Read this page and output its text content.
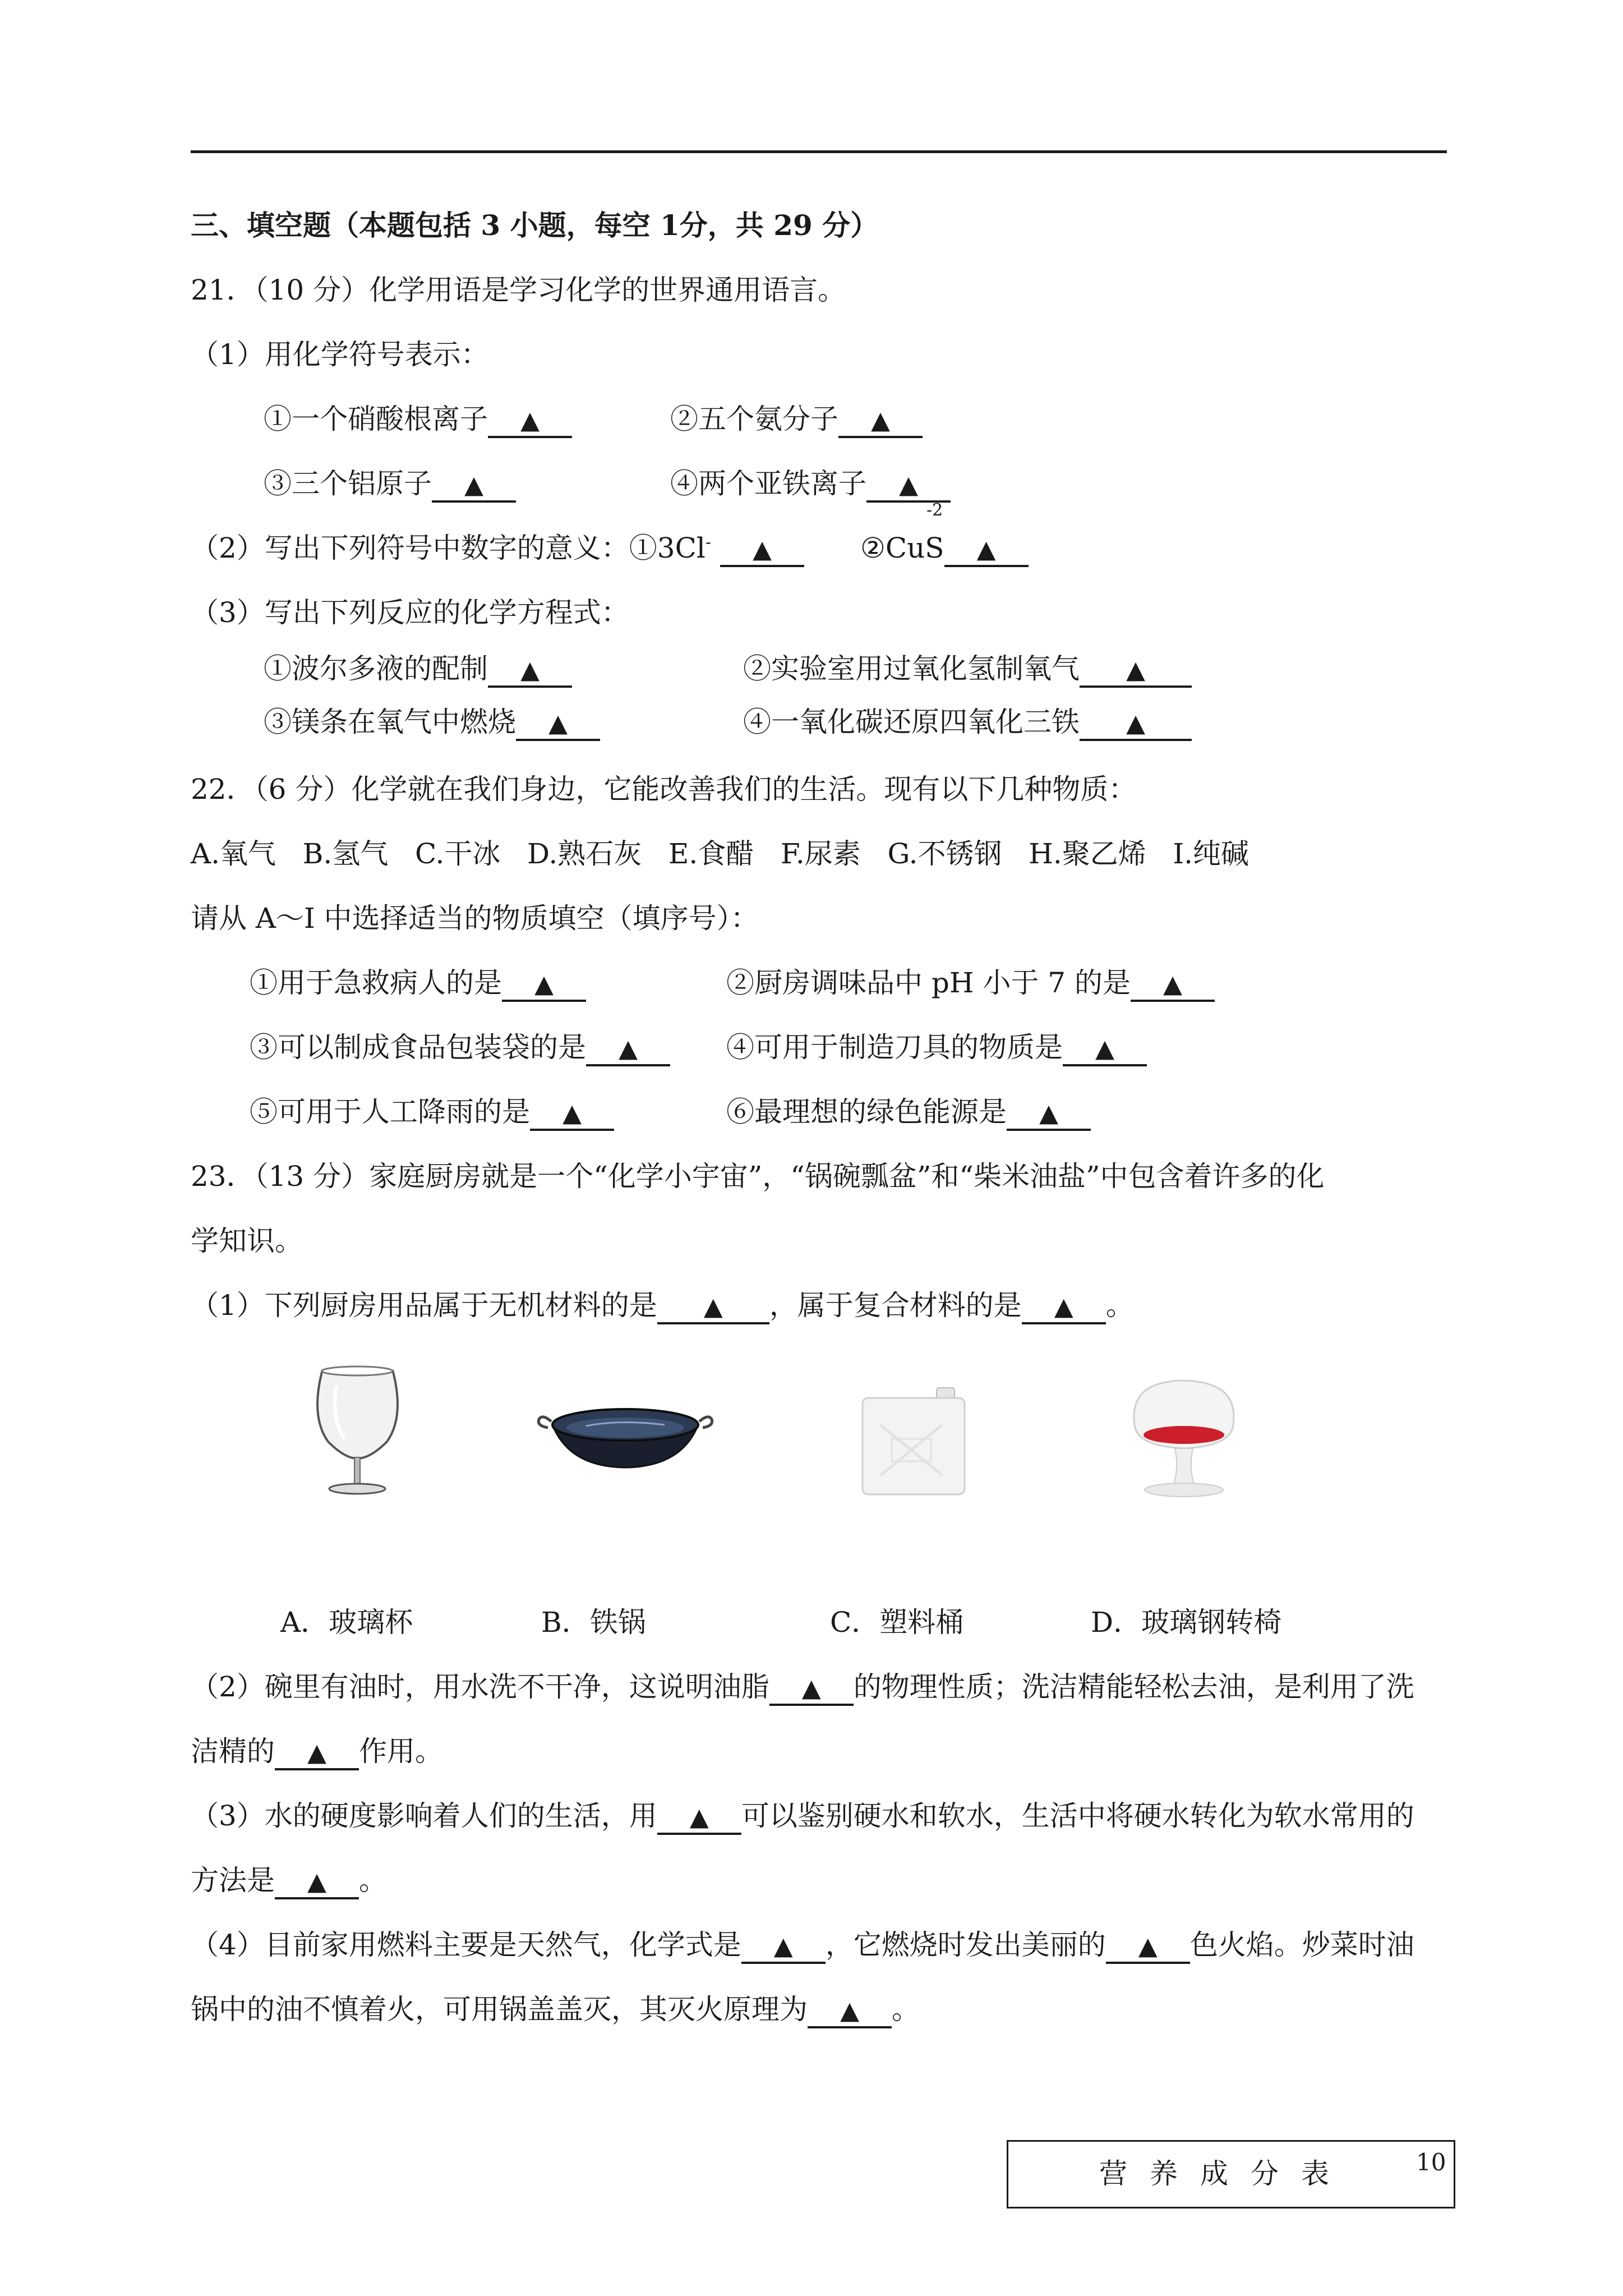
三、填空题（本题包括 3 小题，每空 1分，共 29 分）
21．（10 分）化学用语是学习化学的世界通用语言。
（1）用化学符号表示：
①一个硝酸根离子 ▲	②五个氨分子 ▲
③三个铝原子 ▲	④两个亚铁离子 ▲
（2）写出下列符号中数字的意义：①3Cl- ▲	②CuS ▲
-2
（3）写出下列反应的化学方程式：
①波尔多液的配制 ▲	②实验室用过氧化氢制氧气 ▲
③镁条在氧气中燃烧 ▲	④一氧化碳还原四氧化三铁 ▲
22．（6 分）化学就在我们身边，它能改善我们的生活。现有以下几种物质：
A.氧气   B.氢气   C.干冰   D.熟石灰   E.食醋   F.尿素   G.不锈钢   H.聚乙烯   I.纯碱
请从 A～I 中选择适当的物质填空（填序号）：
①用于急救病人的是 ▲	②厨房调味品中 pH 小于 7 的是 ▲
③可以制成食品包装袋的是 ▲	④可用于制造刀具的物质是 ▲
⑤可用于人工降雨的是 ▲	⑥最理想的绿色能源是 ▲
23．（13 分）家庭厨房就是一个“化学小宇宙”，“锅碗瓢盆”和“柴米油盐”中包含着许多的化
学知识。
（1）下列厨房用品属于无机材料的是 ▲ ，属于复合材料的是 ▲ 。
A．玻璃杯	B．铁锅	C．塑料桶	D．玻璃钢转椅
（2）碗里有油时，用水洗不干净，这说明油脂 ▲ 的物理性质；洗洁精能轻松去油，是利用了洗
洁精的 ▲ 作用。
（3）水的硬度影响着人们的生活，用 ▲ 可以鉴别硬水和软水，生活中将硬水转化为软水常用的
方法是 ▲ 。
（4）目前家用燃料主要是天然气，化学式是 ▲ ，它燃烧时发出美丽的 ▲ 色火焰。炒菜时油
锅中的油不慎着火，可用锅盖盖灭，其灭火原理为 ▲ 。
营养成分表	10
